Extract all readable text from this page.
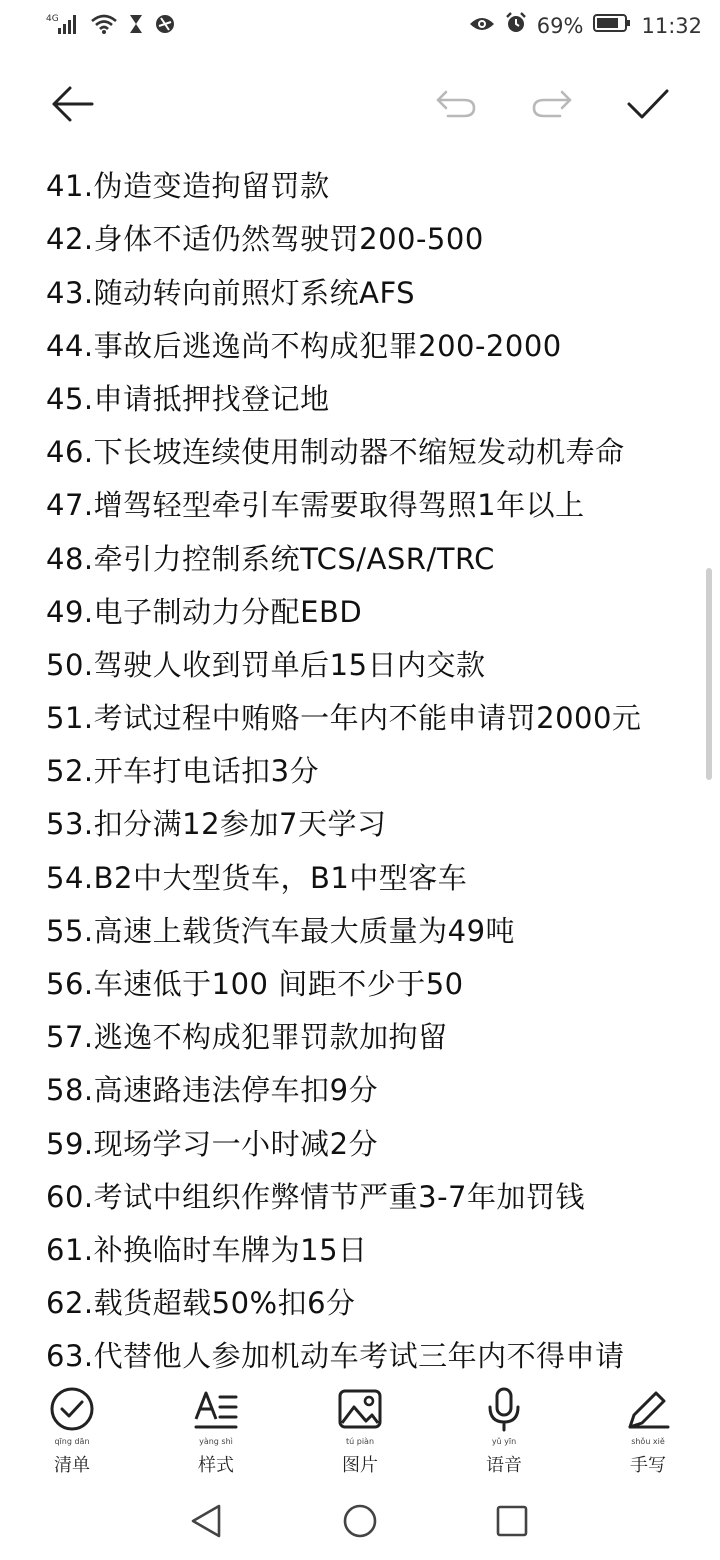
4G	69%	11:32
41.伪造变造拘留罚款
42.身体不适仍然驾驶罚200-500
43.随动转向前照灯系统AFS
44.事故后逃逸尚不构成犯罪200-2000
45.申请抵押找登记地
46.下长坡连续使用制动器不缩短发动机寿命
47.增驾轻型牵引车需要取得驾照1年以上
48.牵引力控制系统TCS/ASR/TRC
49.电子制动力分配EBD
50.驾驶人收到罚单后15日内交款
51.考试过程中贿赂一年内不能申请罚2000元
52.开车打电话扣3分
53.扣分满12参加7天学习
54.B2中大型货车，B1中型客车
55.高速上载货汽车最大质量为49吨
56.车速低于100 间距不少于50
57.逃逸不构成犯罪罚款加拘留
58.高速路违法停车扣9分
59.现场学习一小时减2分
60.考试中组织作弊情节严重3-7年加罚钱
61.补换临时车牌为15日
62.载货超载50%扣6分
63.代替他人参加机动车考试三年内不得申请
qīng dān
清单
yàng shì
样式
tú piàn
图片
yǔ yīn
语音
shǒu xiě
手写
